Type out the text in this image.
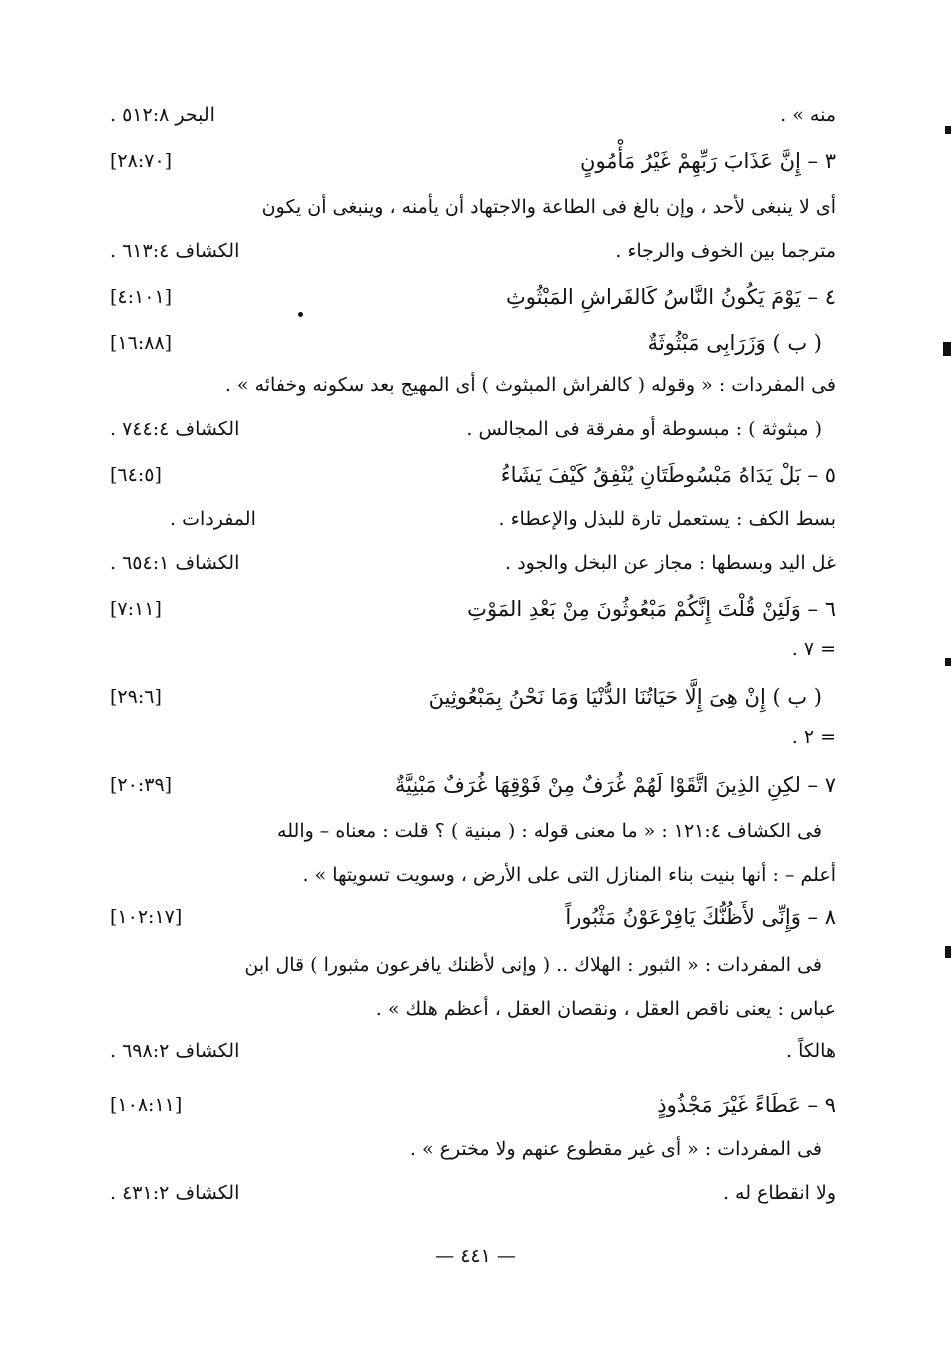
منه » .
البحر ٥١٢:٨ .
٣ – إِنَّ عَذَابَ رَبِّهِمْ غَيْرُ مَأْمُونٍ
[٢٨:٧٠]
أى لا ينبغى لأحد ، وإن بالغ فى الطاعة والاجتهاد أن يأمنه ، وينبغى أن يكون
مترجما بين الخوف والرجاء .
الكشاف ٦١٣:٤ .
٤ – يَوْمَ يَكُونُ النَّاسُ كَالفَراشِ المَبْثُوثِ
[٤:١٠١]
( ب ) وَزَرَابِى مَبْثُوثَةٌ
[١٦:٨٨]
فى المفردات : « وقوله ( كالفراش المبثوث ) أى المهيج بعد سكونه وخفائه » .
( مبثوثة ) : مبسوطة أو مفرقة فى المجالس .
الكشاف ٧٤٤:٤ .
٥ – بَلْ يَدَاهُ مَبْسُوطَتَانِ يُنْفِقُ كَيْفَ يَشَاءُ
[٦٤:٥]
بسط الكف : يستعمل تارة للبذل والإعطاء .
المفردات .
غل اليد وبسطها : مجاز عن البخل والجود .
الكشاف ٦٥٤:١ .
٦ – وَلَئِنْ قُلْتَ إِنَّكُمْ مَبْعُوثُونَ مِنْ بَعْدِ المَوْتِ
[٧:١١]
= ٧ .
( ب ) إِنْ هِىَ إِلَّا حَيَاتُنَا الدُّنْيَا وَمَا نَحْنُ بِمَبْعُوثِينَ
[٢٩:٦]
= ٢ .
٧ – لكِنِ الذِينَ اتَّقَوْا لَهُمْ غُرَفٌ مِنْ فَوْقِهَا غُرَفٌ مَبْنِيَّةٌ
[٢٠:٣٩]
فى الكشاف ١٢١:٤ : « ما معنى قوله : ( مبنية ) ؟ قلت : معناه – والله
أعلم – : أنها بنيت بناء المنازل التى على الأرض ، وسويت تسويتها » .
٨ – وَإِنِّى لأَظُنُّكَ يَافِرْعَوْنُ مَثْبُوراً
[١٠٢:١٧]
فى المفردات : « الثبور : الهلاك .. ( وإنى لأظنك يافرعون مثبورا ) قال ابن
عباس : يعنى ناقص العقل ، ونقصان العقل ، أعظم هلك » .
هالكاً .
الكشاف ٦٩٨:٢ .
٩ – عَطَاءً غَيْرَ مَجْذُوذٍ
[١٠٨:١١]
فى المفردات : « أى غير مقطوع عنهم ولا مخترع » .
ولا انقطاع له .
الكشاف ٤٣١:٢ .
— ٤٤١ —
